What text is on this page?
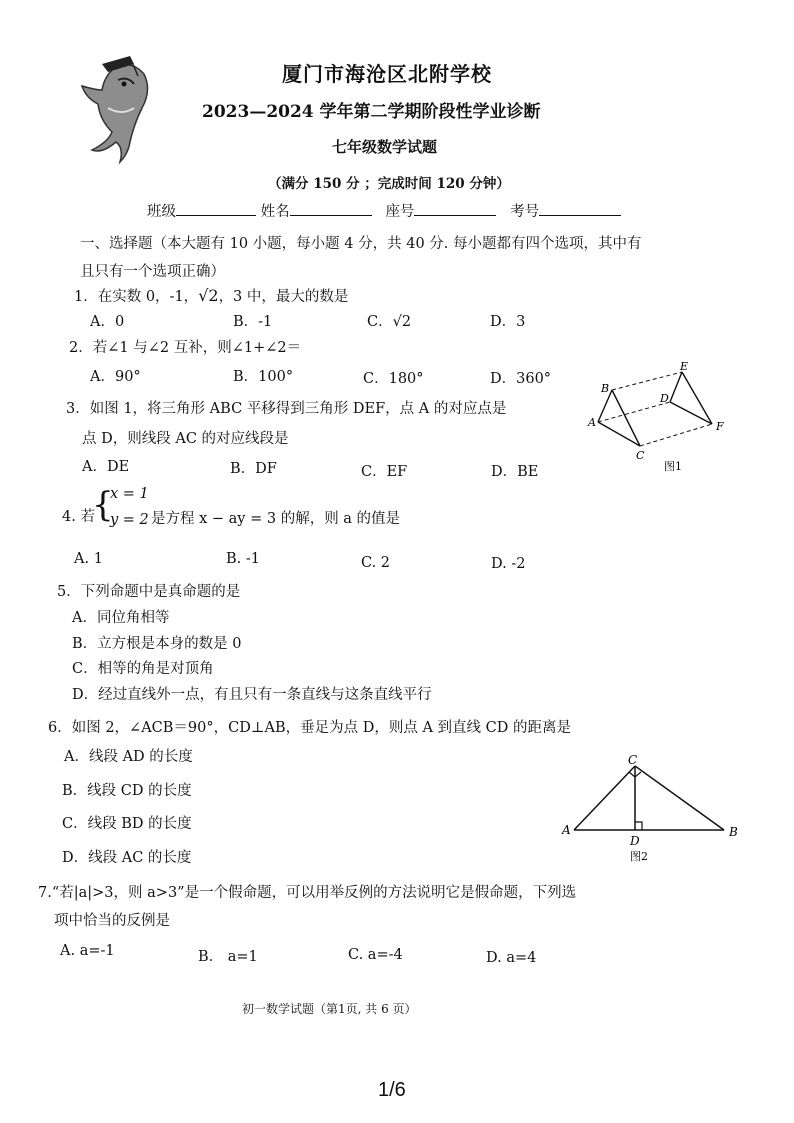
厦门市海沧区北附学校
2023—2024 学年第二学期阶段性学业诊断
七年级数学试题
（满分 150 分 ；完成时间 120 分钟）
班级	姓名	座号	考号
一、选择题（本大题有 10 小题，每小题 4 分，共 40 分. 每小题都有四个选项，其中有
且只有一个选项正确）
1．在实数 0，-1，√2，3 中，最大的数是
A．0	B．-1	C．√2	D．3
2．若∠1 与∠2 互补，则∠1+∠2＝
A．90°	B．100°	C．180°	D．360°
3．如图 1，将三角形 ABC 平移得到三角形 DEF，点 A 的对应点是
点 D，则线段 AC 的对应线段是
A．DE	B．DF	C．EF	D．BE
A
B
C
D
E
F
图1
4. 若
{
x = 1
y = 2 是方程 x − ay = 3 的解，则 a 的值是
A. 1	B. -1	C. 2	D. -2
5．下列命题中是真命题的是
A．同位角相等
B．立方根是本身的数是 0
C．相等的角是对顶角
D．经过直线外一点，有且只有一条直线与这条直线平行
6．如图 2，∠ACB＝90°，CD⊥AB，垂足为点 D，则点 A 到直线 CD 的距离是
A．线段 AD 的长度
B．线段 CD 的长度
C．线段 BD 的长度
D．线段 AC 的长度
A	B
C
D
图2
7.“若|a|>3，则 a>3”是一个假命题，可以用举反例的方法说明它是假命题，下列选
项中恰当的反例是
A. a=-1	B． a=1	C. a=-4	D. a=4
初一数学试题（第1页, 共 6 页）
1/6
